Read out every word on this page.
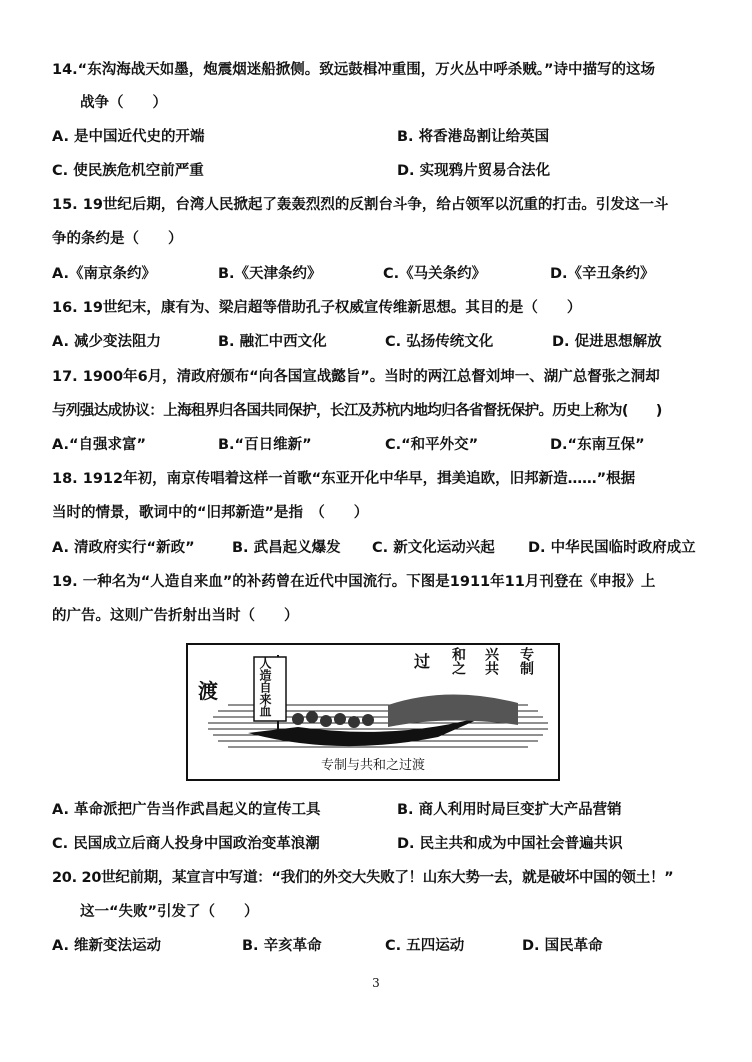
14.“东沟海战天如墨，炮震烟迷船掀侧。致远鼓楫冲重围，万火丛中呼杀贼。”诗中描写的这场
战争（　　）
A. 是中国近代史的开端	B. 将香港岛割让给英国
C. 使民族危机空前严重	D. 实现鸦片贸易合法化
15. 19世纪后期，台湾人民掀起了轰轰烈烈的反割台斗争，给占领军以沉重的打击。引发这一斗
争的条约是（　　）
A.《南京条约》	B.《天津条约》	C.《马关条约》	D.《辛丑条约》
16. 19世纪末，康有为、梁启超等借助孔子权威宣传维新思想。其目的是（　　）
A. 减少变法阻力	B. 融汇中西文化	C. 弘扬传统文化	D. 促进思想解放
17. 1900年6月，清政府颁布“向各国宣战懿旨”。当时的两江总督刘坤一、湖广总督张之洞却
与列强达成协议：上海租界归各国共同保护，长江及苏杭内地均归各省督抚保护。历史上称为(　　)
A.“自强求富”	B.“百日维新”	C.“和平外交”	D.“东南互保”
18. 1912年初，南京传唱着这样一首歌“东亚开化中华早，揖美追欧，旧邦新造……”根据
当时的情景，歌词中的“旧邦新造”是指　（　　）
A. 清政府实行“新政”	B. 武昌起义爆发 C. 新文化运动兴起 D. 中华民国临时政府成立
19. 一种名为“人造自来血”的补药曾在近代中国流行。下图是1911年11月刊登在《申报》上
的广告。这则广告折射出当时（　　）
渡	人造自来血	过 和之 兴共 专制
专制与共和之过渡
A. 革命派把广告当作武昌起义的宣传工具	B. 商人利用时局巨变扩大产品营销
C. 民国成立后商人投身中国政治变革浪潮	D. 民主共和成为中国社会普遍共识
20. 20世纪前期，某宣言中写道：“我们的外交大失败了！山东大势一去，就是破坏中国的领土！”
这一“失败”引发了（　　）
A. 维新变法运动	B. 辛亥革命	C. 五四运动	D. 国民革命
3
